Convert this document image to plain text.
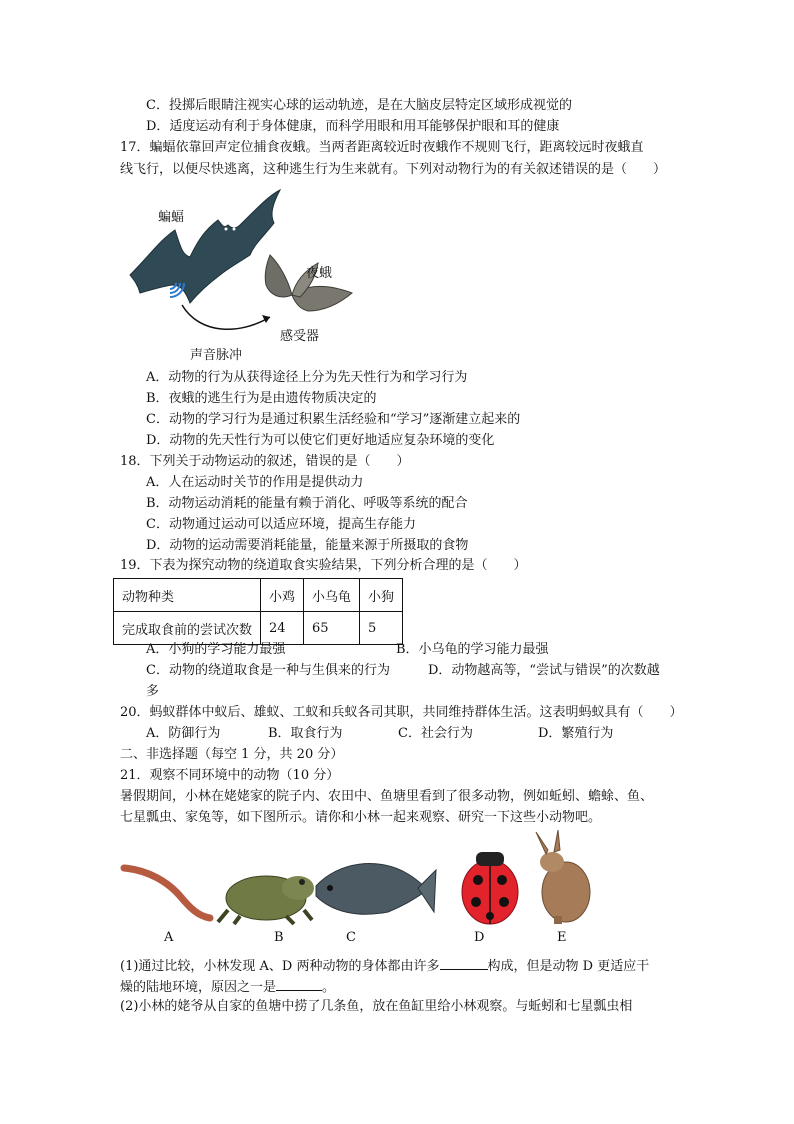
C．投掷后眼睛注视实心球的运动轨迹，是在大脑皮层特定区域形成视觉的
D．适度运动有利于身体健康，而科学用眼和用耳能够保护眼和耳的健康
17．蝙蝠依靠回声定位捕食夜蛾。当两者距离较近时夜蛾作不规则飞行，距离较远时夜蛾直
线飞行，以便尽快逃离，这种逃生行为生来就有。下列对动物行为的有关叙述错误的是（　　）
蝙蝠
夜蛾
感受器
声音脉冲
A．动物的行为从获得途径上分为先天性行为和学习行为
B．夜蛾的逃生行为是由遗传物质决定的
C．动物的学习行为是通过积累生活经验和“学习”逐渐建立起来的
D．动物的先天性行为可以使它们更好地适应复杂环境的变化
18．下列关于动物运动的叙述，错误的是（　　）
A．人在运动时关节的作用是提供动力
B．动物运动消耗的能量有赖于消化、呼吸等系统的配合
C．动物通过运动可以适应环境，提高生存能力
D．动物的运动需要消耗能量，能量来源于所摄取的食物
19．下表为探究动物的绕道取食实验结果，下列分析合理的是（　　）
动物种类	小鸡	小乌龟	小狗
完成取食前的尝试次数	24	65	5
A．小狗的学习能力最强	B．小乌龟的学习能力最强
C．动物的绕道取食是一种与生俱来的行为	D．动物越高等，“尝试与错误”的次数越
多
20．蚂蚁群体中蚁后、雄蚁、工蚁和兵蚁各司其职，共同维持群体生活。这表明蚂蚁具有（　　）
A．防御行为	B．取食行为	C．社会行为	D．繁殖行为
二、非选择题（每空 1 分，共 20 分）
21．观察不同环境中的动物（10 分）
暑假期间，小林在姥姥家的院子内、农田中、鱼塘里看到了很多动物，例如蚯蚓、蟾蜍、鱼、
七星瓢虫、家兔等，如下图所示。请你和小林一起来观察、研究一下这些小动物吧。
A	B	C	D	E
(1)通过比较，小林发现 A、D 两种动物的身体都由许多	构成，但是动物 D 更适应干
燥的陆地环境，原因之一是	。
(2)小林的姥爷从自家的鱼塘中捞了几条鱼，放在鱼缸里给小林观察。与蚯蚓和七星瓢虫相
